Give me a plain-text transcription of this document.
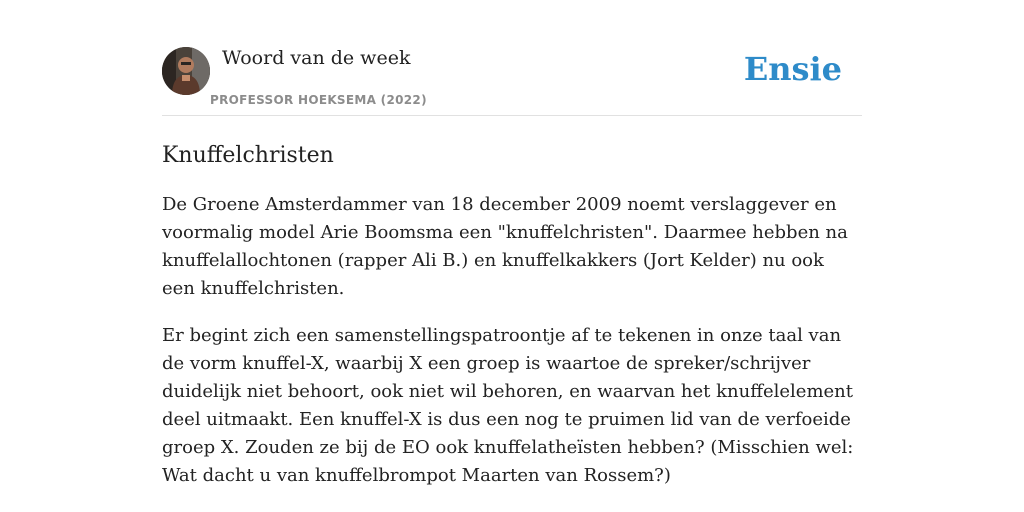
Woord van de week
PROFESSOR HOEKSEMA (2022)
Ensie
Knuffelchristen

De Groene Amsterdammer van 18 december 2009 noemt verslaggever en voormalig model Arie Boomsma een "knuffelchristen". Daarmee hebben na knuffelallochtonen (rapper Ali B.) en knuffelkakkers (Jort Kelder) nu ook een knuffelchristen.

Er begint zich een samenstellingspatroontje af te tekenen in onze taal van de vorm knuffel-X, waarbij X een groep is waartoe de spreker/schrijver duidelijk niet behoort, ook niet wil behoren, en waarvan het knuffelelement deel uitmaakt. Een knuffel-X is dus een nog te pruimen lid van de verfoeide groep X. Zouden ze bij de EO ook knuffelatheïsten hebben? (Misschien wel: Wat dacht u van knuffelbrompot Maarten van Rossem?)
